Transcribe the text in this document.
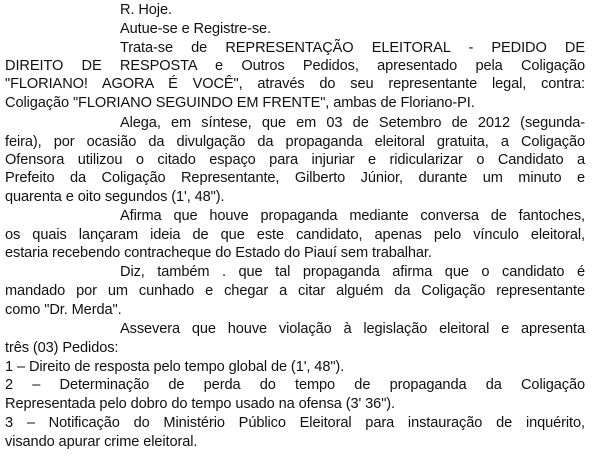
R. Hoje.
Autue-se e Registre-se.
Trata-se de REPRESENTAÇÃO ELEITORAL - PEDIDO DE
DIREITO DE RESPOSTA e Outros Pedidos, apresentado pela Coligação
"FLORIANO! AGORA É VOCÊ", através do seu representante legal, contra:
Coligação "FLORIANO SEGUINDO EM FRENTE", ambas de Floriano-PI.
Alega, em síntese, que em 03 de Setembro de 2012 (segunda-
feira), por ocasião da divulgação da propaganda eleitoral gratuita, a Coligação
Ofensora utilizou o citado espaço para injuriar e ridicularizar o Candidato a
Prefeito da Coligação Representante, Gilberto Júnior, durante um minuto e
quarenta e oito segundos (1', 48").
Afirma que houve propaganda mediante conversa de fantoches,
os quais lançaram ideia de que este candidato, apenas pelo vínculo eleitoral,
estaria recebendo contracheque do Estado do Piauí sem trabalhar.
Diz, também . que tal propaganda afirma que o candidato é
mandado por um cunhado e chegar a citar alguém da Coligação representante
como "Dr. Merda".
Assevera que houve violação à legislação eleitoral e apresenta
três (03) Pedidos:
1 – Direito de resposta pelo tempo global de (1', 48").
2 – Determinação de perda do tempo de propaganda da Coligação
Representada pelo dobro do tempo usado na ofensa (3' 36").
3 – Notificação do Ministério Público Eleitoral para instauração de inquérito,
visando apurar crime eleitoral.
